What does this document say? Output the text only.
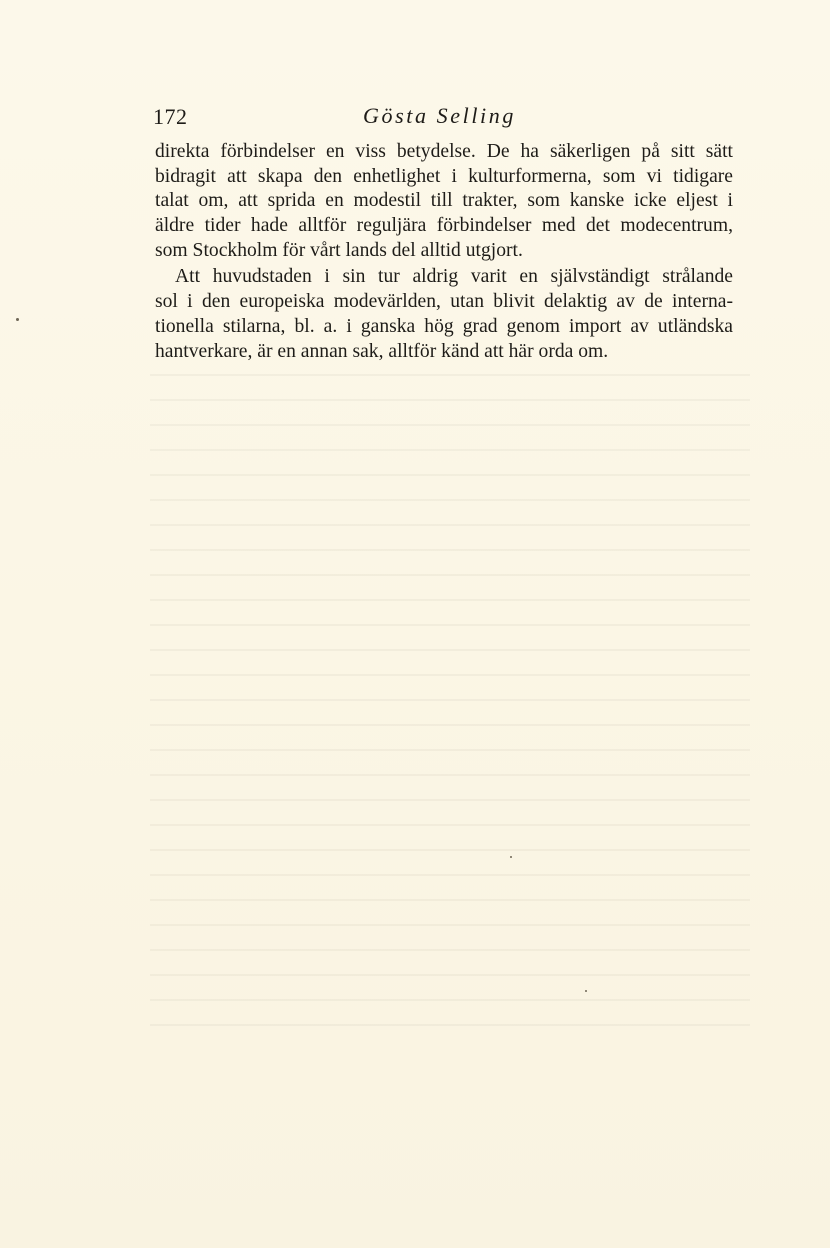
172	Gösta Selling
direkta förbindelser en viss betydelse. De ha säkerligen på sitt sätt
bidragit att skapa den enhetlighet i kulturformerna, som vi tidigare
talat om, att sprida en modestil till trakter, som kanske icke eljest i
äldre tider hade alltför reguljära förbindelser med det modecentrum,
som Stockholm för vårt lands del alltid utgjort.
Att huvudstaden i sin tur aldrig varit en självständigt strålande
sol i den europeiska modevärlden, utan blivit delaktig av de interna-
tionella stilarna, bl. a. i ganska hög grad genom import av utländska
hantverkare, är en annan sak, alltför känd att här orda om.
